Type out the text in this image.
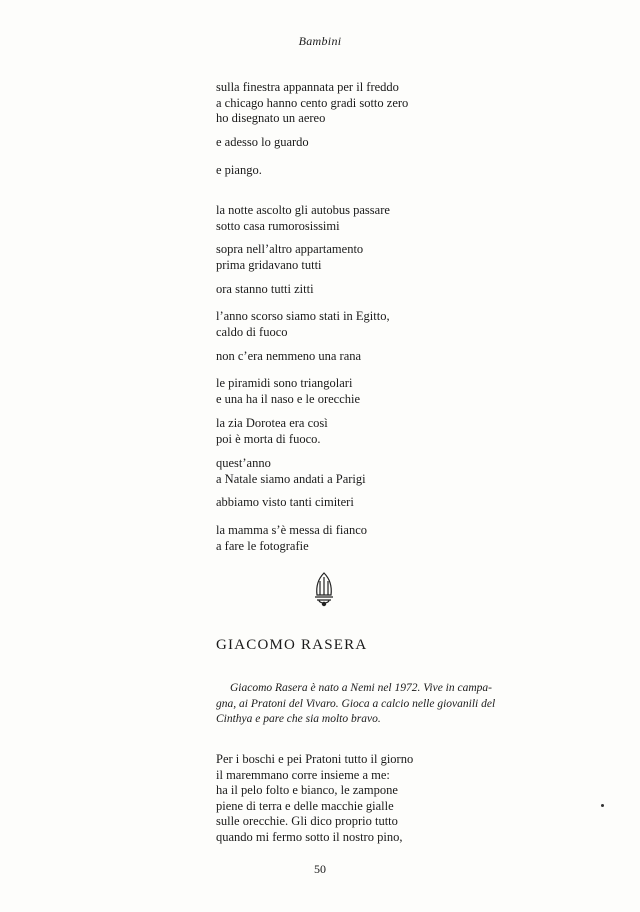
Bambini
sulla finestra appannata per il freddo
a chicago hanno cento gradi sotto zero
ho disegnato un aereo
e adesso lo guardo
e piango.
la notte ascolto gli autobus passare
sotto casa rumorosissimi
sopra nell’altro appartamento
prima gridavano tutti
ora stanno tutti zitti
l’anno scorso siamo stati in Egitto,
caldo di fuoco
non c’era nemmeno una rana
le piramidi sono triangolari
e una ha il naso e le orecchie
la zia Dorotea era così
poi è morta di fuoco.
quest’anno
a Natale siamo andati a Parigi
abbiamo visto tanti cimiteri
la mamma s’è messa di fianco
a fare le fotografie
GIACOMO RASERA
Giacomo Rasera è nato a Nemi nel 1972. Vive in campa-
gna, ai Pratoni del Vivaro. Gioca a calcio nelle giovanili del
Cinthya e pare che sia molto bravo.
Per i boschi e pei Pratoni tutto il giorno
il maremmano corre insieme a me:
ha il pelo folto e bianco, le zampone
piene di terra e delle macchie gialle
sulle orecchie. Gli dico proprio tutto
quando mi fermo sotto il nostro pino,
50
